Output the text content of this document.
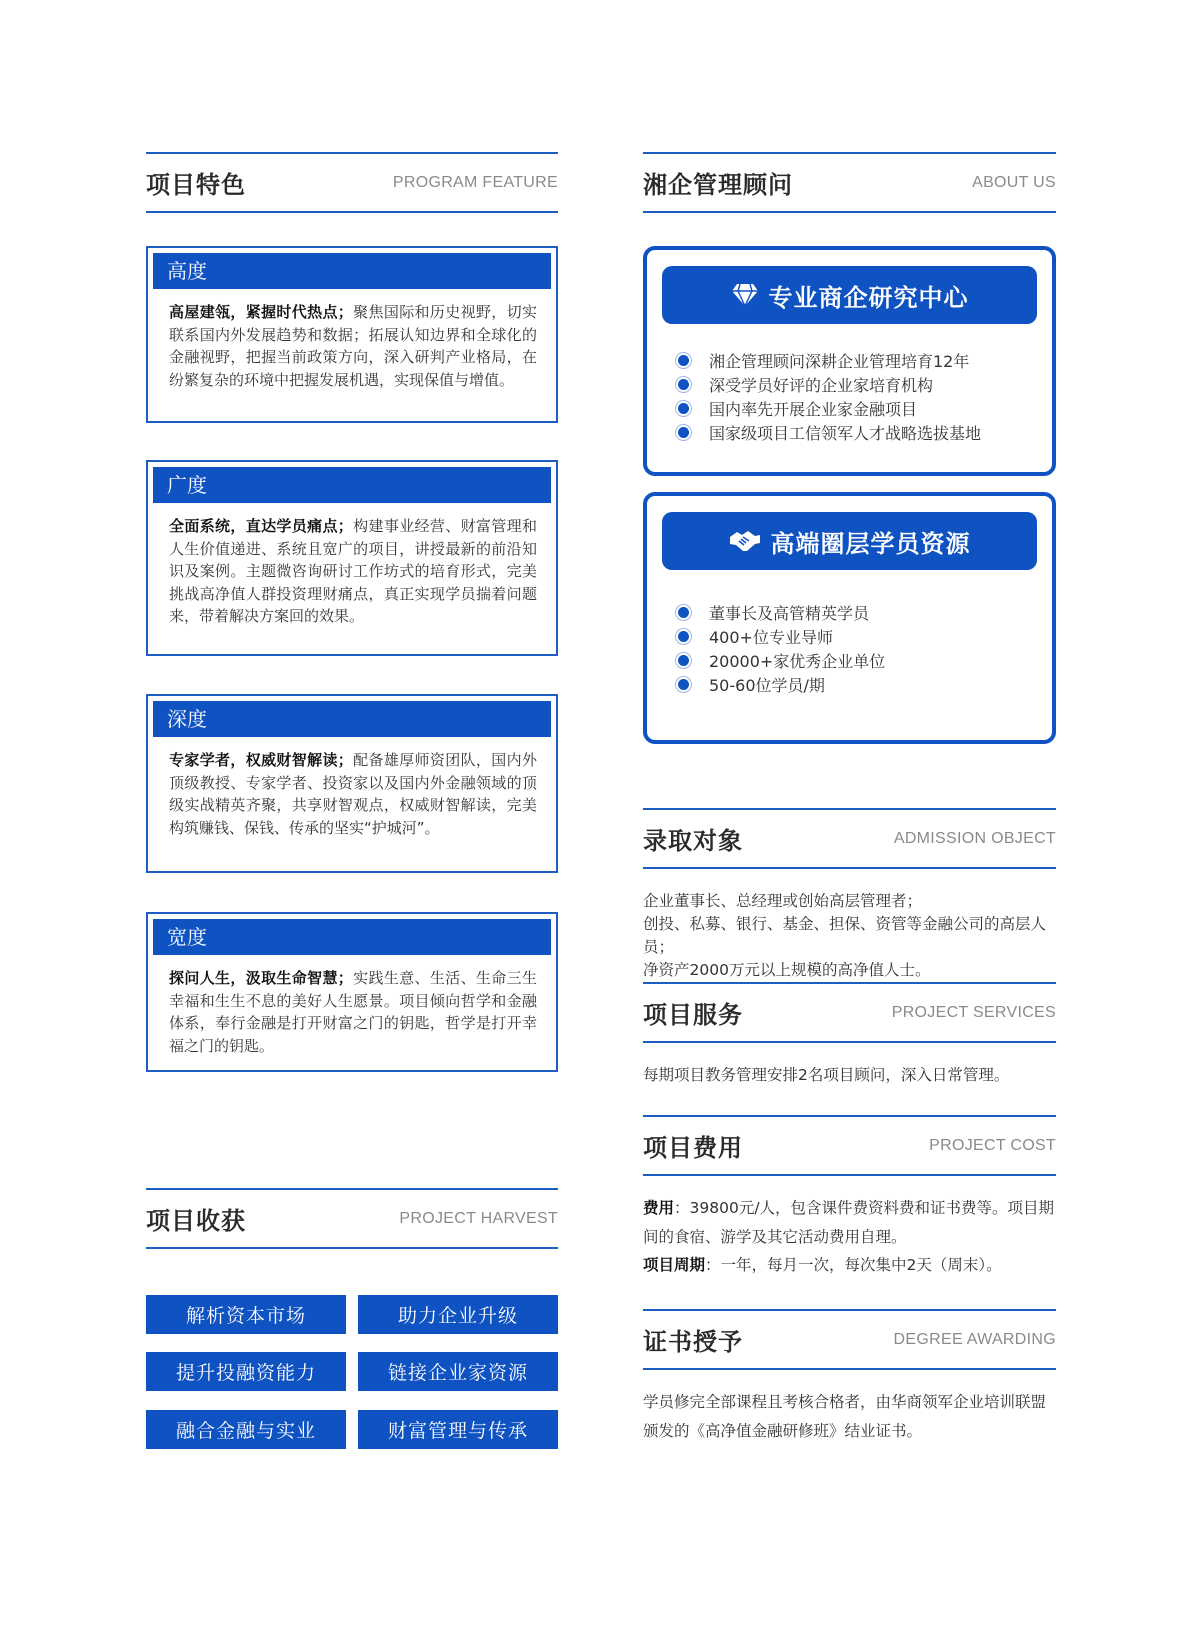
项目特色	PROGRAM FEATURE
高度
高屋建瓴，紧握时代热点；聚焦国际和历史视野，切实联系国内外发展趋势和数据；拓展认知边界和全球化的金融视野，把握当前政策方向，深入研判产业格局，在纷繁复杂的环境中把握发展机遇，实现保值与增值。
广度
全面系统，直达学员痛点；构建事业经营、财富管理和人生价值递进、系统且宽广的项目，讲授最新的前沿知识及案例。主题微咨询研讨工作坊式的培育形式，完美挑战高净值人群投资理财痛点，真正实现学员揣着问题来，带着解决方案回的效果。
深度
专家学者，权威财智解读；配备雄厚师资团队，国内外顶级教授、专家学者、投资家以及国内外金融领域的顶级实战精英齐聚，共享财智观点，权威财智解读，完美构筑赚钱、保钱、传承的坚实“护城河”。
宽度
探问人生，汲取生命智慧；实践生意、生活、生命三生幸福和生生不息的美好人生愿景。项目倾向哲学和金融体系，奉行金融是打开财富之门的钥匙，哲学是打开幸福之门的钥匙。
项目收获	PROJECT HARVEST
解析资本市场	助力企业升级
提升投融资能力	链接企业家资源
融合金融与实业	财富管理与传承
湘企管理顾问	ABOUT US
专业商企研究中心
湘企管理顾问深耕企业管理培育12年
深受学员好评的企业家培育机构
国内率先开展企业家金融项目
国家级项目工信领军人才战略选拔基地
高端圈层学员资源
董事长及高管精英学员
400+位专业导师
20000+家优秀企业单位
50-60位学员/期
录取对象	ADMISSION OBJECT
企业董事长、总经理或创始高层管理者；
创投、私募、银行、基金、担保、资管等金融公司的高层人员；
净资产2000万元以上规模的高净值人士。
项目服务	PROJECT SERVICES
每期项目教务管理安排2名项目顾问，深入日常管理。
项目费用	PROJECT COST
费用：39800元/人，包含课件费资料费和证书费等。项目期间的食宿、游学及其它活动费用自理。
项目周期：一年，每月一次，每次集中2天（周末）。
证书授予	DEGREE AWARDING
学员修完全部课程且考核合格者，由华商领军企业培训联盟颁发的《高净值金融研修班》结业证书。
